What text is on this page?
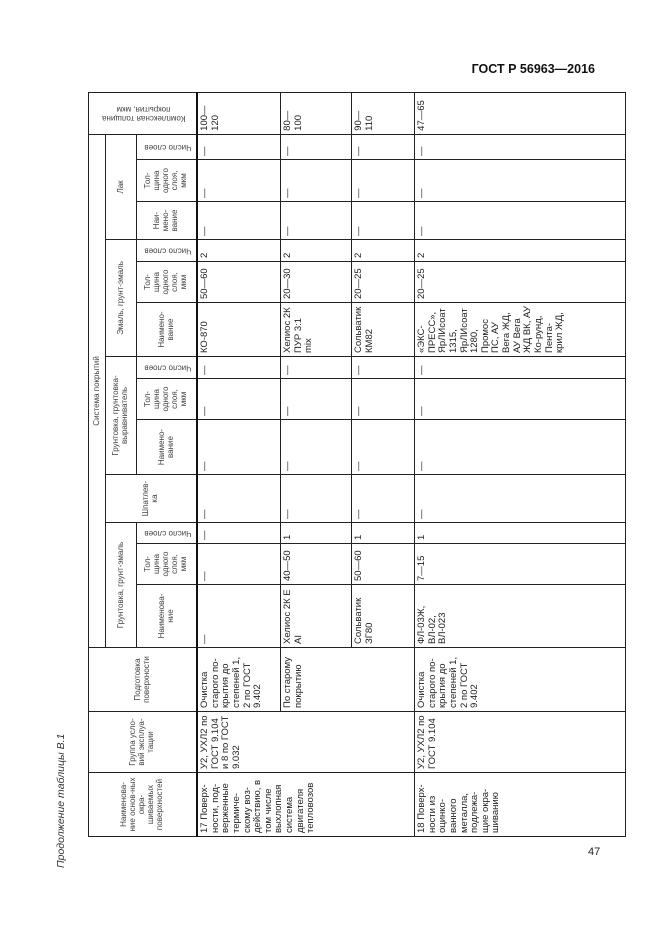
ГОСТ Р 56963—2016
Продолжение таблицы В.1	47
Наименова-ние основ-ных окра-шиваемых поверхностей	Группа усло-вий эксплуа-тации	Подготовка поверхности	Система покрытий													Комплексная толщина покрытия, мкм
			Грунтовка, грунт-эмаль			Шпатлев-ка	Грунтовка, грунтовка-выравниватель			Эмаль, грунт-эмаль			Лак			
			Наименова-ние	Тол-щина одного слоя, мкм	Число слоев		Наимено-вание	Тол-щина одного слоя, мкм	Число слоев	Наимено-вание	Тол-щина одного слоя, мкм	Число слоев	Наи-мено-вание	Тол-щина одного слоя, мкм	Число слоев	
17 Поверх-ности, под-верженные термиче-скому воз-действию, в том числе выхлопная система двигателя тепловозов	У2, УХЛ2 по ГОСТ 9.104 и 8 по ГОСТ 9.032	Очистка старого по-крытия до степеней 1, 2 по ГОСТ 9.402	—	—	—	—	—	—	—	КО-870	50—60	2	—	—	—	100—120
		По старому покрытию	Хелиос 2К E AI	40—50	1	—	—	—	—	Хелиос 2К ПУР 3:1 mix	20—30	2	—	—	—	80—100
			Сольватик ЗГ80	50—60	1	—	—	—	—	Сольватик КМ82	20—25	2	—	—	—	90—110
18 Поверх-ности из оцинко-ванного металла, подлежа-щие окра-шиванию	У2, УХЛ2 по ГОСТ 9.104	Очистка старого по-крытия до степеней 1, 2 по ГОСТ 9.402	ФЛ-03Ж, ВЛ-02, ВЛ-023	7—15	1	—	—	—	—	«ЭКС-ПРЕСС», ЯрЛИсоат 1315, ЯрЛИсоат 1280, Промос ПС, АУ Вега ЖД, АУ Вега ЖД ВК, АУ Ко-рунд, Пента-крил ЖД,	20—25	2	—	—	—	47—65
